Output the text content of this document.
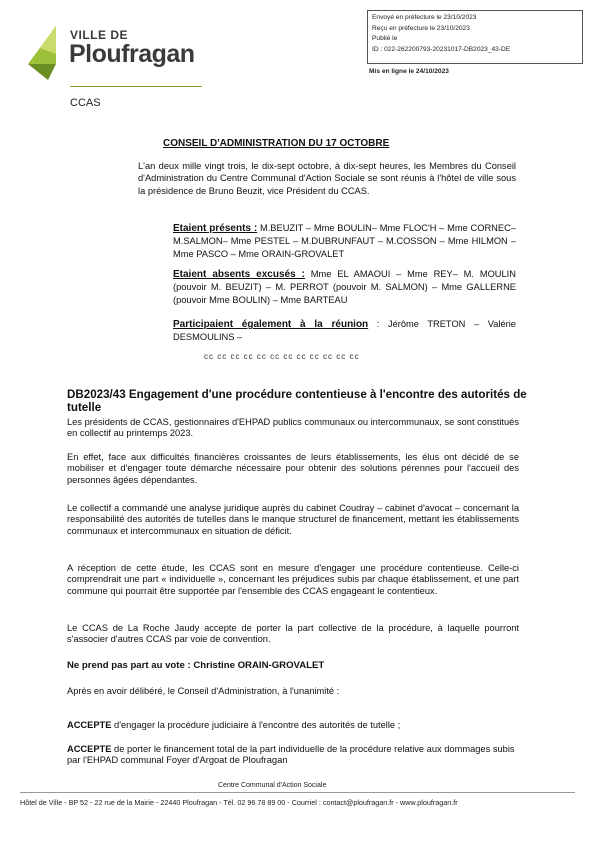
VILLE DE
Ploufragan
CCAS
Envoyé en préfecture le 23/10/2023
Reçu en préfecture le 23/10/2023
Publié le
ID : 022-262200793-20231017-DB2023_43-DE
Mis en ligne le 24/10/2023
CONSEIL D'ADMINISTRATION DU 17 OCTOBRE
L'an deux mille vingt trois, le dix-sept octobre, à dix-sept heures, les Membres du Conseil d'Administration du Centre Communal d'Action Sociale se sont réunis à l'hôtel de ville sous la présidence de Bruno Beuzit, vice Président du CCAS.
Etaient présents : M.BEUZIT – Mme BOULIN– Mme FLOC'H – Mme CORNEC– M.SALMON– Mme PESTEL – M.DUBRUNFAUT – M.COSSON – Mme HILMON – Mme PASCO – Mme ORAIN-GROVALET
Etaient absents excusés : Mme EL AMAOUI – Mme REY– M. MOULIN (pouvoir M. BEUZIT) – M. PERROT (pouvoir M. SALMON) – Mme GALLERNE (pouvoir Mme BOULIN) – Mme BARTEAU
Participaient également à la réunion : Jérôme TRETON – Valérie DESMOULINS –
cc cc cc cc cc cc cc cc cc cc cc cc
DB2023/43 Engagement d'une procédure contentieuse à l'encontre des autorités de tutelle
Les présidents de CCAS, gestionnaires d'EHPAD publics communaux ou intercommunaux, se sont constitués en collectif au printemps 2023.
En effet, face aux difficultés financières croissantes de leurs établissements, les élus ont décidé de se mobiliser et d'engager toute démarche nécessaire pour obtenir des solutions pérennes pour l'accueil des personnes âgées dépendantes.
Le collectif a commandé une analyse juridique auprès du cabinet Coudray – cabinet d'avocat – concernant la responsabilité des autorités de tutelles dans le manque structurel de financement, mettant les établissements communaux et intercommunaux en situation de déficit.
A réception de cette étude, les CCAS sont en mesure d'engager une procédure contentieuse. Celle-ci comprendrait une part « individuelle », concernant les préjudices subis par chaque établissement, et une part commune qui pourrait être supportée par l'ensemble des CCAS engageant le contentieux.
Le CCAS de La Roche Jaudy accepte de porter la part collective de la procédure, à laquelle pourront s'associer d'autres CCAS par voie de convention.
Ne prend pas part au vote : Christine ORAIN-GROVALET
Après en avoir délibéré, le Conseil d'Administration, à l'unanimité :
ACCEPTE d'engager la procédure judiciaire à l'encontre des autorités de tutelle ;
ACCEPTE de porter le financement total de la part individuelle de la procédure relative aux dommages subis par l'EHPAD communal Foyer d'Argoat de Ploufragan
Centre Communal d'Action Sociale
Hôtel de Ville - BP 52 - 22 rue de la Mairie - 22440 Ploufragan - Tél. 02 96 78 89 00 - Courriel : contact@ploufragan.fr - www.ploufragan.fr
